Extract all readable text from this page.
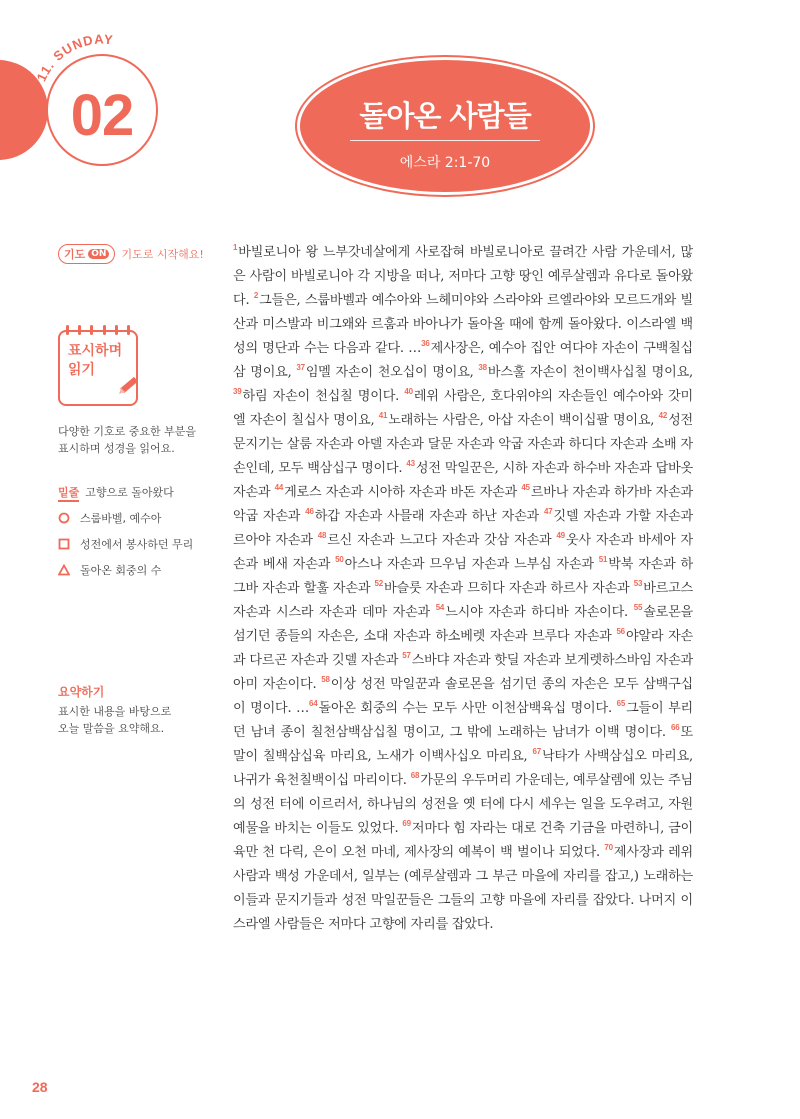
11. SUNDAY
02	돌아온 사람들
에스라 2:1-70
기도 ON 기도로 시작해요!
표시하며
읽기
다양한 기호로 중요한 부분을
표시하며 성경을 읽어요.
밑줄 고향으로 돌아왔다
스룹바벨, 예수아
성전에서 봉사하던 무리
돌아온 회중의 수
요약하기
표시한 내용을 바탕으로
오늘 말씀을 요약해요.
$^1$바빌로니아 왕 느부갓네살에게 사로잡혀 바빌로니아로 끌려간 사람 가운데서, 많은 사람이 바빌로니아 각 지방을 떠나, 저마다 고향 땅인 예루살렘과 유다로 돌아왔다. $^2$그들은, 스룹바벨과 예수아와 느헤미야와 스라야와 르엘라야와 모르드개와 빌산과 미스발과 비그왜와 르훔과 바아나가 돌아올 때에 함께 돌아왔다. 이스라엘 백성의 명단과 수는 다음과 같다. …$^{36}$제사장은, 예수아 집안 여다야 자손이 구백칠십삼 명이요, $^{37}$임멜 자손이 천오십이 명이요, $^{38}$바스훌 자손이 천이백사십칠 명이요, $^{39}$하림 자손이 천십칠 명이다. $^{40}$레위 사람은, 호다위야의 자손들인 예수아와 갓미엘 자손이 칠십사 명이요, $^{41}$노래하는 사람은, 아삽 자손이 백이십팔 명이요, $^{42}$성전 문지기는 살룸 자손과 아델 자손과 달문 자손과 악굽 자손과 하디다 자손과 소배 자손인데, 모두 백삼십구 명이다. $^{43}$성전 막일꾼은, 시하 자손과 하수바 자손과 답바옷 자손과 $^{44}$게로스 자손과 시아하 자손과 바돈 자손과 $^{45}$르바나 자손과 하가바 자손과 악굽 자손과 $^{46}$하갑 자손과 사믈래 자손과 하난 자손과 $^{47}$깃델 자손과 가할 자손과 르아야 자손과 $^{48}$르신 자손과 느고다 자손과 갓삼 자손과 $^{49}$웃사 자손과 바세아 자손과 베새 자손과 $^{50}$아스나 자손과 므우님 자손과 느부심 자손과 $^{51}$박북 자손과 하그바 자손과 할훌 자손과 $^{52}$바슬룻 자손과 므히다 자손과 하르사 자손과 $^{53}$바르고스 자손과 시스라 자손과 데마 자손과 $^{54}$느시야 자손과 하디바 자손이다. $^{55}$솔로몬을 섬기던 종들의 자손은, 소대 자손과 하소베렛 자손과 브루다 자손과 $^{56}$야알라 자손과 다르곤 자손과 깃델 자손과 $^{57}$스바댜 자손과 핫딜 자손과 보게렛하스바임 자손과 아미 자손이다. $^{58}$이상 성전 막일꾼과 솔로몬을 섬기던 종의 자손은 모두 삼백구십이 명이다. …$^{64}$돌아온 회중의 수는 모두 사만 이천삼백육십 명이다. $^{65}$그들이 부리던 남녀 종이 칠천삼백삼십칠 명이고, 그 밖에 노래하는 남녀가 이백 명이다. $^{66}$또 말이 칠백삼십육 마리요, 노새가 이백사십오 마리요, $^{67}$낙타가 사백삼십오 마리요, 나귀가 육천칠백이십 마리이다. $^{68}$가문의 우두머리 가운데는, 예루살렘에 있는 주님의 성전 터에 이르러서, 하나님의 성전을 옛 터에 다시 세우는 일을 도우려고, 자원예물을 바치는 이들도 있었다. $^{69}$저마다 힘 자라는 대로 건축 기금을 마련하니, 금이 육만 천 다릭, 은이 오천 마네, 제사장의 예복이 백 벌이나 되었다. $^{70}$제사장과 레위 사람과 백성 가운데서, 일부는 (예루살렘과 그 부근 마을에 자리를 잡고,) 노래하는 이들과 문지기들과 성전 막일꾼들은 그들의 고향 마을에 자리를 잡았다. 나머지 이스라엘 사람들은 저마다 고향에 자리를 잡았다.
28
